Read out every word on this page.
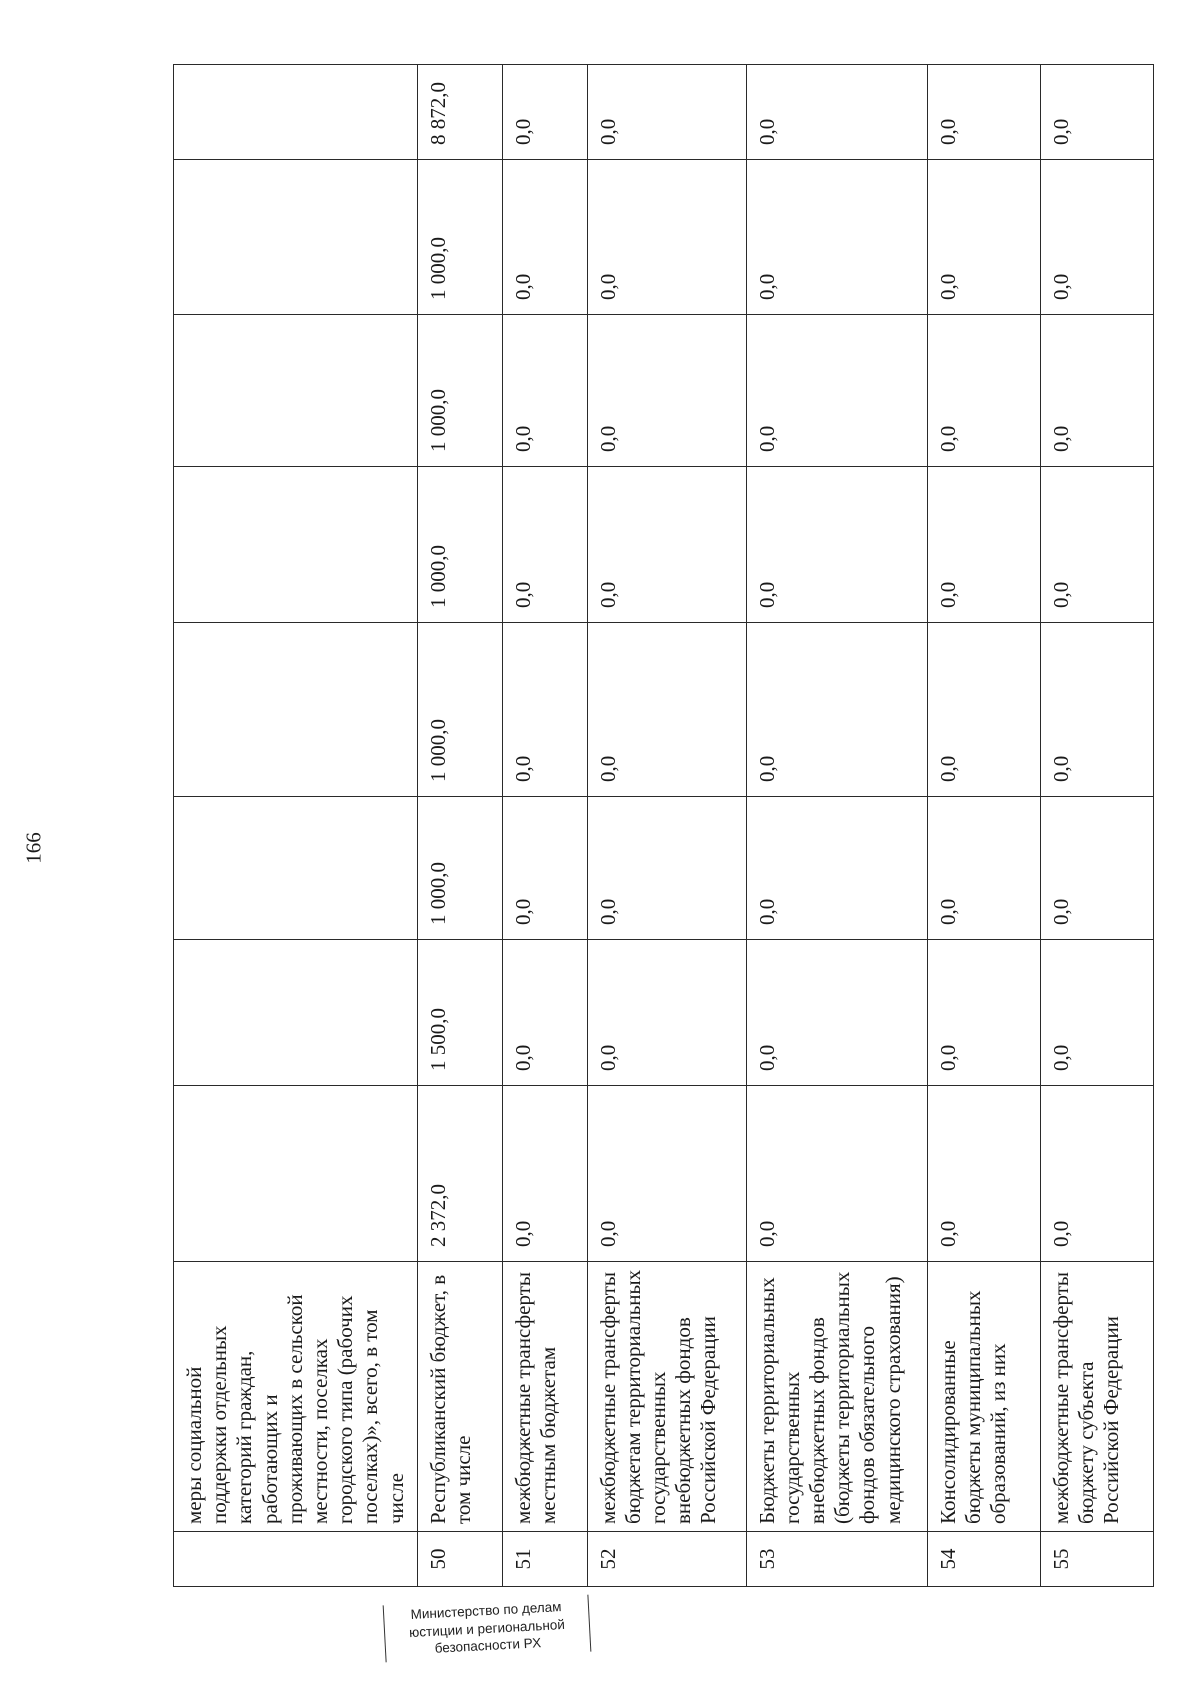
166
	меры социальной поддержки отдельных категорий граждан, работающих и проживающих в сельской местности, поселках городского типа (рабочих поселках)», всего, в том числе								
50	Республиканский бюджет, в том числе	2 372,0	1 500,0	1 000,0	1 000,0	1 000,0	1 000,0	1 000,0	8 872,0
51	межбюджетные трансферты местным бюджетам	0,0	0,0	0,0	0,0	0,0	0,0	0,0	0,0
52	межбюджетные трансферты бюджетам территориальных государственных внебюджетных фондов Российской Федерации	0,0	0,0	0,0	0,0	0,0	0,0	0,0	0,0
53	Бюджеты территориальных государственных внебюджетных фондов (бюджеты территориальных фондов обязательного медицинского страхования)	0,0	0,0	0,0	0,0	0,0	0,0	0,0	0,0
54	Консолидированные бюджеты муниципальных образований, из них	0,0	0,0	0,0	0,0	0,0	0,0	0,0	0,0
55	межбюджетные трансферты бюджету субъекта Российской Федерации	0,0	0,0	0,0	0,0	0,0	0,0	0,0	0,0
Министерство по делам
юстиции и региональной
безопасности РХ
